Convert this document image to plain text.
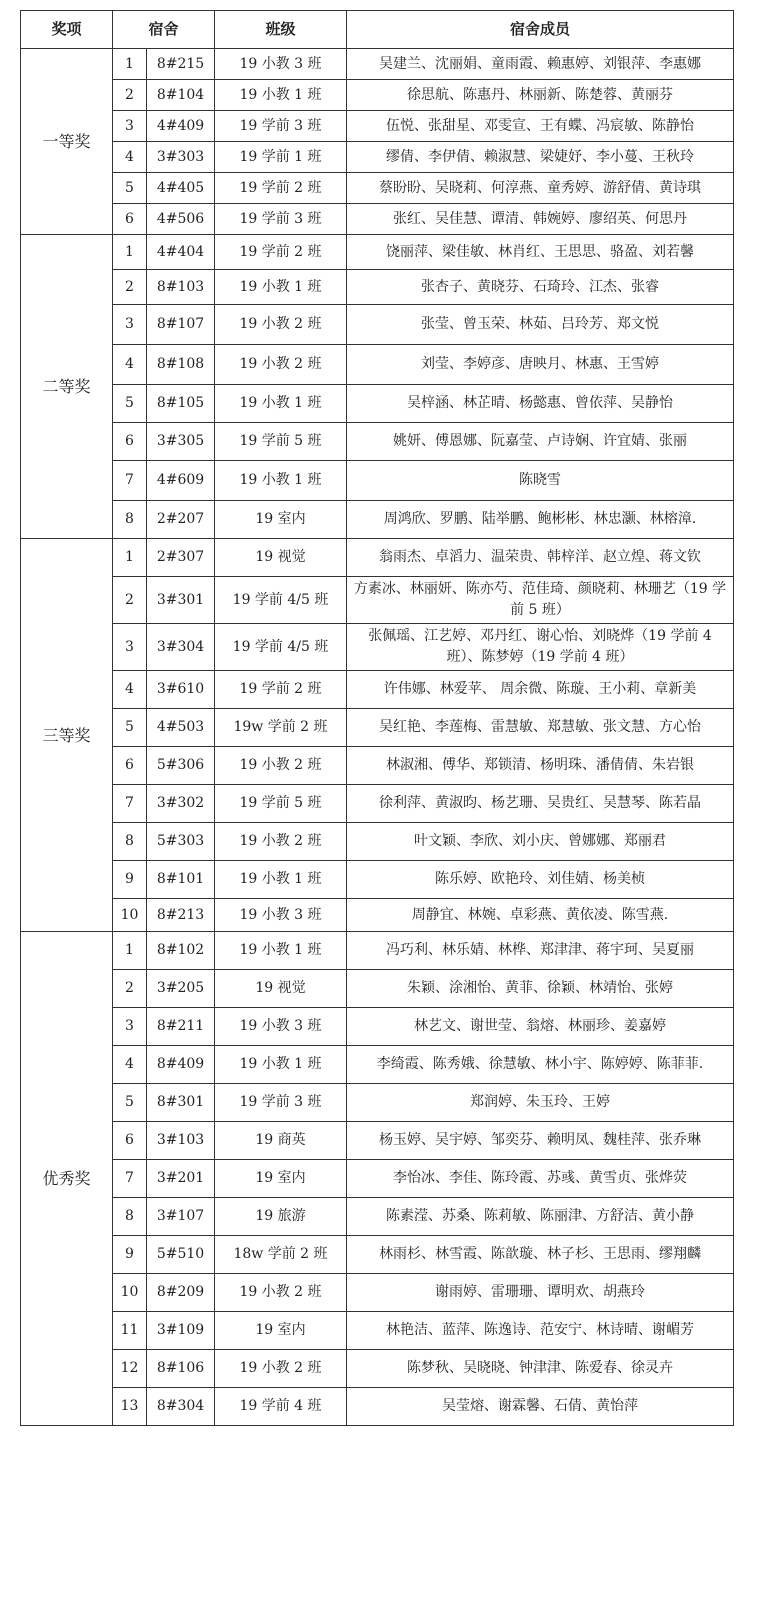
奖项	宿舍		班级	宿舍成员
一等奖	1	8#215	19 小教 3 班	吴建兰、沈丽娟、童雨霞、赖惠婷、刘银萍、李惠娜
	2	8#104	19 小教 1 班	徐思航、陈惠丹、林丽新、陈楚蓉、黄丽芬
	3	4#409	19 学前 3 班	伍悦、张甜星、邓雯宣、王有蝶、冯宸敏、陈静怡
	4	3#303	19 学前 1 班	缪倩、李伊倩、赖淑慧、梁婕妤、李小蔓、王秋玲
	5	4#405	19 学前 2 班	蔡盼盼、吴晓莉、何淳燕、童秀婷、游舒倩、黄诗琪
	6	4#506	19 学前 3 班	张红、吴佳慧、谭清、韩婉婷、廖绍英、何思丹
二等奖	1	4#404	19 学前 2 班	饶丽萍、梁佳敏、林肖红、王思思、骆盈、刘若馨
	2	8#103	19 小教 1 班	张杏子、黄晓芬、石琦玲、江杰、张睿
	3	8#107	19 小教 2 班	张莹、曾玉荣、林茹、吕玲芳、郑文悦
	4	8#108	19 小教 2 班	刘莹、李婷彦、唐映月、林惠、王雪婷
	5	8#105	19 小教 1 班	吴梓涵、林芷晴、杨懿惠、曾依萍、吴静怡
	6	3#305	19 学前 5 班	姚妍、傅恩娜、阮嘉莹、卢诗娴、许宜婧、张丽
	7	4#609	19 小教 1 班	陈晓雪
	8	2#207	19 室内	周鸿欣、罗鹏、陆举鹏、鲍彬彬、林忠灏、林榕漳.
三等奖	1	2#307	19 视觉	翁雨杰、卓滔力、温荣贵、韩梓洋、赵立煌、蒋文钦
	2	3#301	19 学前 4/5 班	方素冰、林丽妍、陈亦芍、范佳琦、颜晓莉、林珊艺（19 学前 5 班）
	3	3#304	19 学前 4/5 班	张佩瑶、江艺婷、邓丹红、谢心怡、刘晓烨（19 学前 4 班）、陈梦婷（19 学前 4 班）
	4	3#610	19 学前 2 班	许伟娜、林爱苹、 周余微、陈璇、王小莉、章新美
	5	4#503	19w 学前 2 班	吴红艳、李莲梅、雷慧敏、郑慧敏、张文慧、方心怡
	6	5#306	19 小教 2 班	林淑湘、傅华、郑锁清、杨明珠、潘倩倩、朱岩银
	7	3#302	19 学前 5 班	徐利萍、黄淑昀、杨艺珊、吴贵红、吴慧琴、陈若晶
	8	5#303	19 小教 2 班	叶文颖、李欣、刘小庆、曾娜娜、郑丽君
	9	8#101	19 小教 1 班	陈乐婷、欧艳玲、刘佳婧、杨美桢
	10	8#213	19 小教 3 班	周静宜、林婉、卓彩燕、黄依凌、陈雪燕.
优秀奖	1	8#102	19 小教 1 班	冯巧利、林乐婧、林桦、郑津津、蒋宇珂、吴夏丽
	2	3#205	19 视觉	朱颖、涂湘怡、黄菲、徐颖、林靖怡、张婷
	3	8#211	19 小教 3 班	林艺文、谢世莹、翁熔、林丽珍、姜嘉婷
	4	8#409	19 小教 1 班	李绮霞、陈秀娥、徐慧敏、林小宇、陈婷婷、陈菲菲.
	5	8#301	19 学前 3 班	郑润婷、朱玉玲、王婷
	6	3#103	19 商英	杨玉婷、吴宇婷、邹奕芬、赖明凤、魏桂萍、张乔琳
	7	3#201	19 室内	李怡冰、李佳、陈玲霞、苏彧、黄雪贞、张烨荧
	8	3#107	19 旅游	陈素滢、苏桑、陈莉敏、陈丽津、方舒洁、黄小静
	9	5#510	18w 学前 2 班	林雨杉、林雪霞、陈歆璇、林子杉、王思雨、缪翔麟
	10	8#209	19 小教 2 班	谢雨婷、雷珊珊、谭明欢、胡燕玲
	11	3#109	19 室内	林艳洁、蓝萍、陈逸诗、范安宁、林诗晴、谢嵋芳
	12	8#106	19 小教 2 班	陈梦秋、吴晓晓、钟津津、陈爱春、徐灵卉
	13	8#304	19 学前 4 班	吴莹熔、谢霖馨、石倩、黄怡萍
